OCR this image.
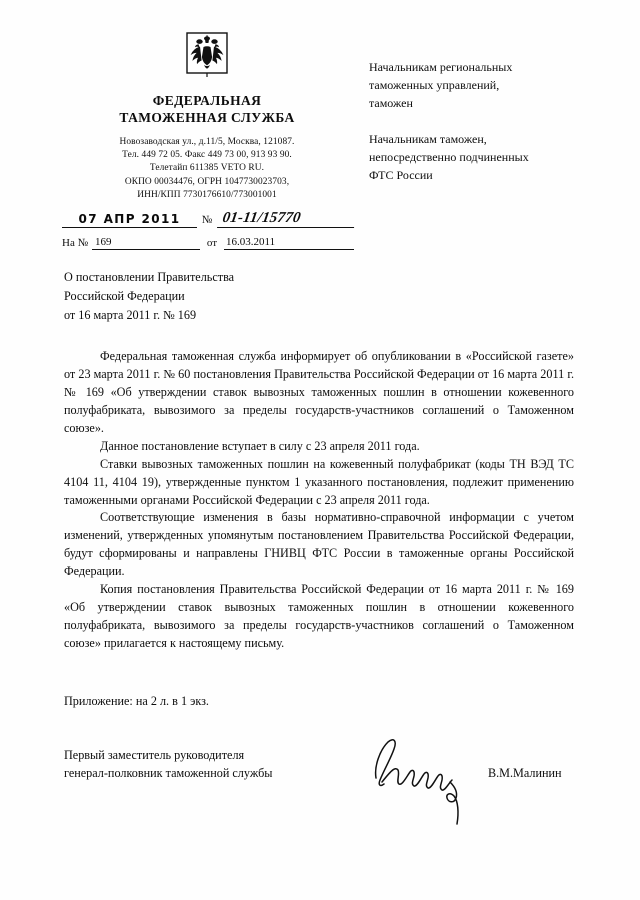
ФЕДЕРАЛЬНАЯ
ТАМОЖЕННАЯ СЛУЖБА
Новозаводская ул., д.11/5, Москва, 121087.
Тел. 449 72 05. Факс 449 73 00, 913 93 90.
Телетайп 611385 VETO RU.
ОКПО 00034476, ОГРН 1047730023703,
ИНН/КПП 7730176610/773001001
07 АПР 2011	№ 01-11/15770
На № 169	от 16.03.2011
Начальникам региональных
таможенных управлений,
таможен
Начальникам таможен,
непосредственно подчиненных
ФТС России
О постановлении Правительства
Российской Федерации
от 16 марта 2011 г. № 169

Федеральная таможенная служба информирует об опубликовании в «Российской газете» от 23 марта 2011 г. № 60 постановления Правительства Российской Федерации от 16 марта 2011 г. № 169 «Об утверждении ставок вывозных таможенных пошлин в отношении кожевенного полуфабриката, вывозимого за пределы государств-участников соглашений о Таможенном союзе».

Данное постановление вступает в силу с 23 апреля 2011 года.

Ставки вывозных таможенных пошлин на кожевенный полуфабрикат (коды ТН ВЭД ТС 4104 11, 4104 19), утвержденные пунктом 1 указанного постановления, подлежит применению таможенными органами Российской Федерации с 23 апреля 2011 года.

Соответствующие изменения в базы нормативно-справочной информации с учетом изменений, утвержденных упомянутым постановлением Правительства Российской Федерации, будут сформированы и направлены ГНИВЦ ФТС России в таможенные органы Российской Федерации.

Копия постановления Правительства Российской Федерации от 16 марта 2011 г. № 169 «Об утверждении ставок вывозных таможенных пошлин в отношении кожевенного полуфабриката, вывозимого за пределы государств-участников соглашений о Таможенном союзе» прилагается к настоящему письму.

Приложение: на 2 л. в 1 экз.
Первый заместитель руководителя
генерал-полковник таможенной службы	В.М.Малинин
